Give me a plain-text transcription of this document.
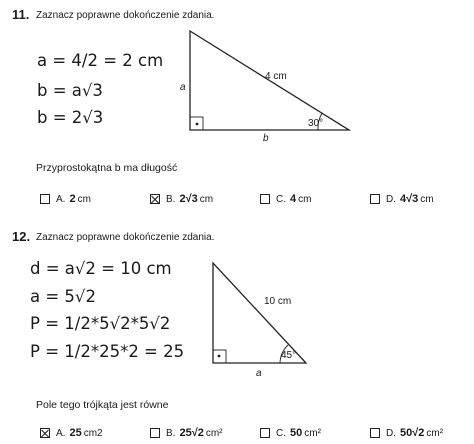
11. Zaznacz poprawne dokończenie zdania.
a = 4/2 = 2 cm
b = a√3
b = 2√3
a
b
4 cm
30°
a
10 cm
45°
Przyprostokątna b ma długość
A. 2 cm	B. 2√3 cm	C. 4 cm	D. 4√3 cm
12. Zaznacz poprawne dokończenie zdania.
d = a√2 = 10 cm
a = 5√2
P = 1/2*5√2*5√2
P = 1/2*25*2 = 25
Pole tego trójkąta jest równe
A. 25 cm2	B. 25√2 cm²	C. 50 cm²	D. 50√2 cm²
